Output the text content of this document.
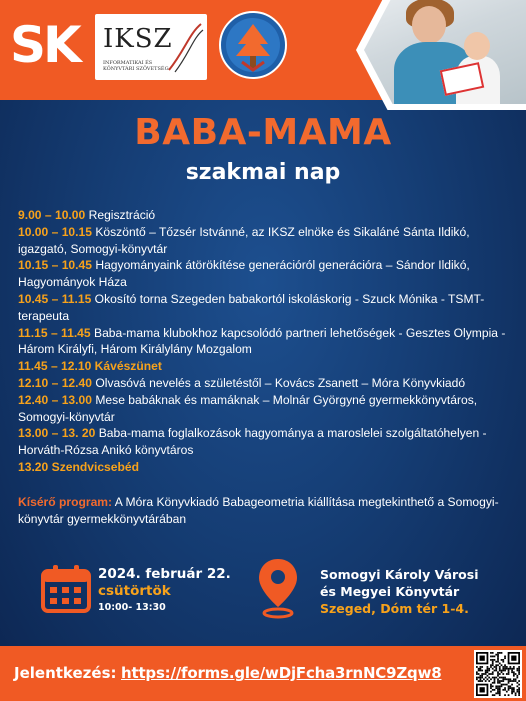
SK IKSZ
INFORMATIKAI ÉS KÖNYVTÁRI SZÖVETSÉG
BABA-MAMA
szakmai nap
9.00 – 10.00 Regisztráció
10.00 – 10.15 Köszöntő – Tőzsér Istvánné, az IKSZ elnöke és Sikaláné Sánta Ildikó, igazgató, Somogyi-könyvtár
10.15 – 10.45 Hagyományaink átörökítése generációról generációra – Sándor Ildikó, Hagyományok Háza
10.45 – 11.15 Okosító torna Szegeden babakortól iskoláskorig - Szuck Mónika - TSMT-terapeuta
11.15 – 11.45 Baba-mama klubokhoz kapcsolódó partneri lehetőségek - Gesztes Olympia - Három Királyfi, Három Királylány Mozgalom
11.45 – 12.10 Kávészünet
12.10 – 12.40 Olvasóvá nevelés a születéstől – Kovács Zsanett – Móra Könyvkiadó
12.40 – 13.00 Mese babáknak és mamáknak – Molnár Györgyné gyermekkönyvtáros, Somogyi-könyvtár
13.00 – 13. 20 Baba-mama foglalkozások hagyománya a maroslelei szolgáltatóhelyen - Horváth-Rózsa Anikó könyvtáros
13.20 Szendvicsebéd
Kísérő program: A Móra Könyvkiadó Babageometria kiállítása megtekinthető a Somogyi-könyvtár gyermekkönyvtárában
2024. február 22.
csütörtök
10:00- 13:30
Somogyi Károly Városi
és Megyei Könyvtár
Szeged, Dóm tér 1-4.
Jelentkezés: https://forms.gle/wDjFcha3rnNC9Zqw8
